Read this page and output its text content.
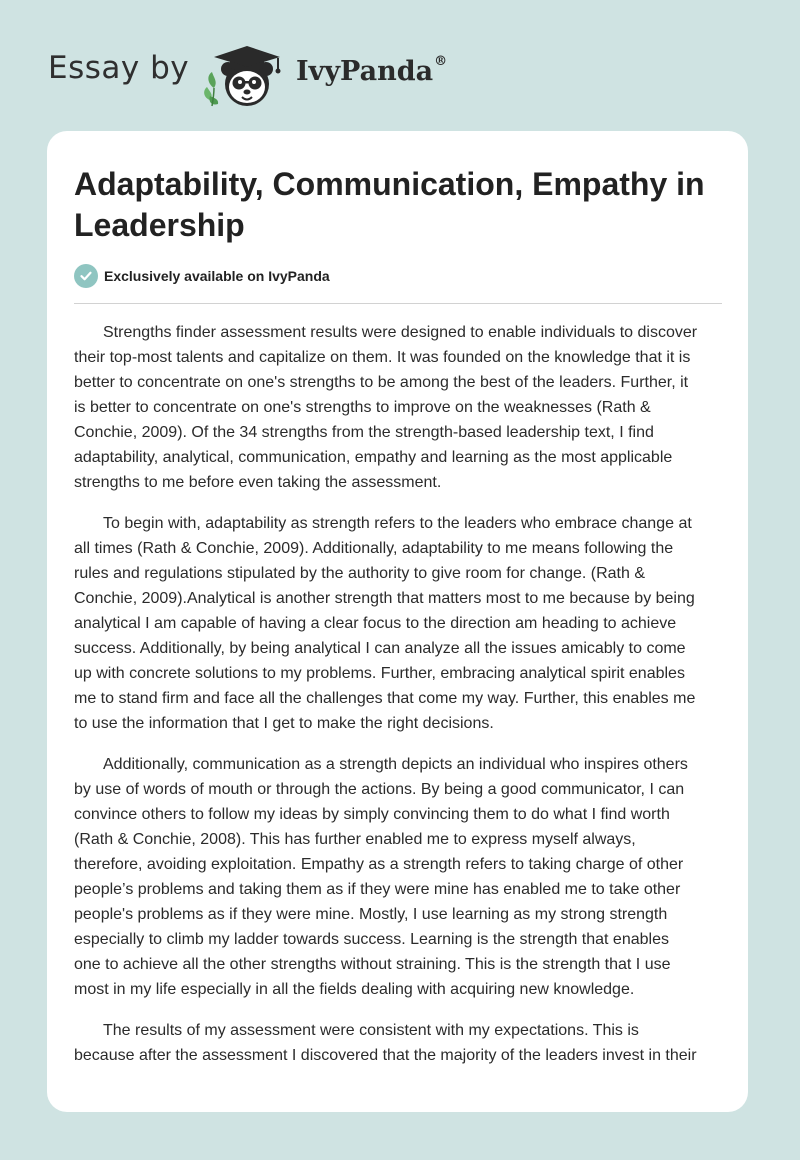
Essay by	IvyPanda®
Adaptability, Communication, Empathy in Leadership
Exclusively available on IvyPanda

Strengths finder assessment results were designed to enable individuals to discover
their top-most talents and capitalize on them. It was founded on the knowledge that it is
better to concentrate on one's strengths to be among the best of the leaders. Further, it
is better to concentrate on one's strengths to improve on the weaknesses (Rath &
Conchie, 2009). Of the 34 strengths from the strength-based leadership text, I find
adaptability, analytical, communication, empathy and learning as the most applicable
strengths to me before even taking the assessment.

To begin with, adaptability as strength refers to the leaders who embrace change at
all times (Rath & Conchie, 2009). Additionally, adaptability to me means following the
rules and regulations stipulated by the authority to give room for change. (Rath &
Conchie, 2009).Analytical is another strength that matters most to me because by being
analytical I am capable of having a clear focus to the direction am heading to achieve
success. Additionally, by being analytical I can analyze all the issues amicably to come
up with concrete solutions to my problems. Further, embracing analytical spirit enables
me to stand firm and face all the challenges that come my way. Further, this enables me
to use the information that I get to make the right decisions.

Additionally, communication as a strength depicts an individual who inspires others
by use of words of mouth or through the actions. By being a good communicator, I can
convince others to follow my ideas by simply convincing them to do what I find worth
(Rath & Conchie, 2008). This has further enabled me to express myself always,
therefore, avoiding exploitation. Empathy as a strength refers to taking charge of other
people’s problems and taking them as if they were mine has enabled me to take other
people's problems as if they were mine. Mostly, I use learning as my strong strength
especially to climb my ladder towards success. Learning is the strength that enables
one to achieve all the other strengths without straining. This is the strength that I use
most in my life especially in all the fields dealing with acquiring new knowledge.

The results of my assessment were consistent with my expectations. This is
because after the assessment I discovered that the majority of the leaders invest in their
